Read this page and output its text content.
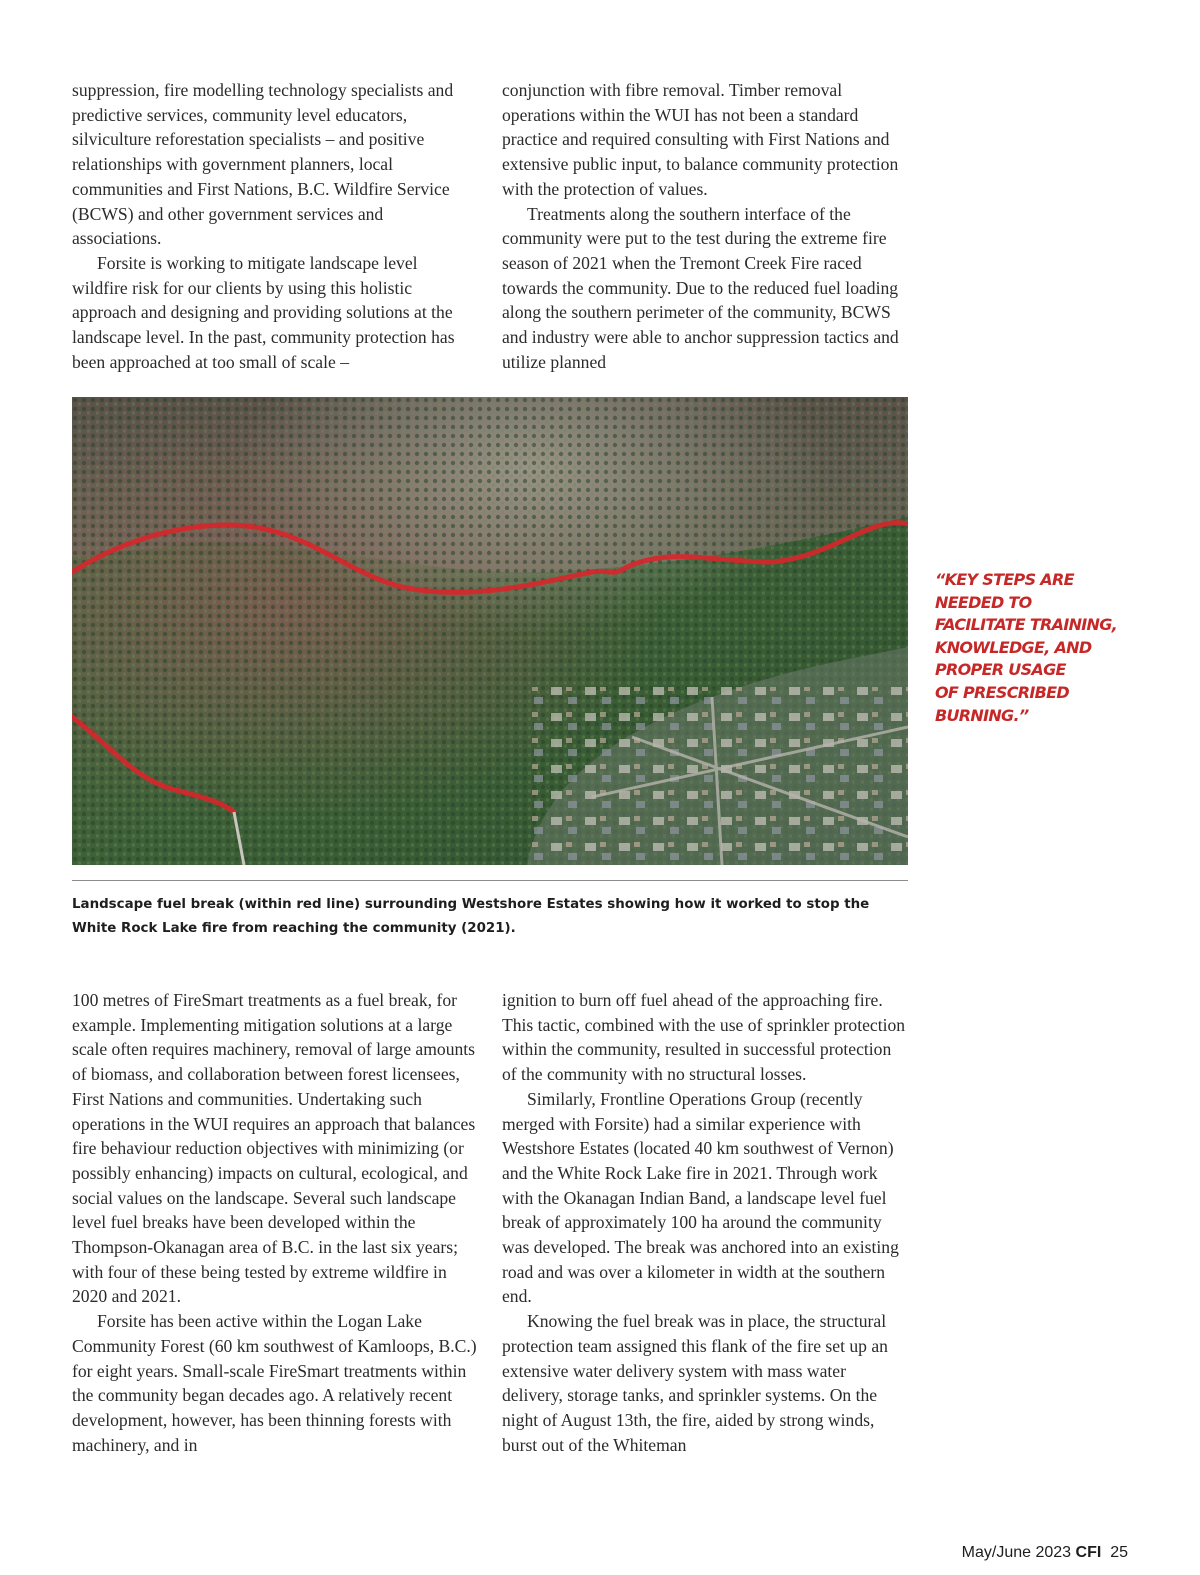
suppression, fire modelling technology specialists and predictive services, community level educators, silviculture reforestation specialists – and positive relationships with government planners, local communities and First Nations, B.C. Wildfire Service (BCWS) and other government services and associations.

Forsite is working to mitigate landscape level wildfire risk for our clients by using this holistic approach and designing and providing solutions at the landscape level. In the past, community protection has been approached at too small of scale –

conjunction with fibre removal. Timber removal operations within the WUI has not been a standard practice and required consulting with First Nations and extensive public input, to balance community protection with the protection of values.

Treatments along the southern interface of the community were put to the test during the extreme fire season of 2021 when the Tremont Creek Fire raced towards the community. Due to the reduced fuel loading along the southern perimeter of the community, BCWS and industry were able to anchor suppression tactics and utilize planned

Landscape fuel break (within red line) surrounding Westshore Estates showing how it worked to stop the White Rock Lake fire from reaching the community (2021).
“KEY STEPS ARE
NEEDED TO
FACILITATE TRAINING,
KNOWLEDGE, AND
PROPER USAGE
OF PRESCRIBED
BURNING.”

100 metres of FireSmart treatments as a fuel break, for example. Implementing mitigation solutions at a large scale often requires machinery, removal of large amounts of biomass, and collaboration between forest licensees, First Nations and communities. Undertaking such operations in the WUI requires an approach that balances fire behaviour reduction objectives with minimizing (or possibly enhancing) impacts on cultural, ecological, and social values on the landscape. Several such landscape level fuel breaks have been developed within the Thompson-Okanagan area of B.C. in the last six years; with four of these being tested by extreme wildfire in 2020 and 2021.

Forsite has been active within the Logan Lake Community Forest (60 km southwest of Kamloops, B.C.) for eight years. Small-scale FireSmart treatments within the community began decades ago. A relatively recent development, however, has been thinning forests with machinery, and in

ignition to burn off fuel ahead of the approaching fire. This tactic, combined with the use of sprinkler protection within the community, resulted in successful protection of the community with no structural losses.

Similarly, Frontline Operations Group (recently merged with Forsite) had a similar experience with Westshore Estates (located 40 km southwest of Vernon) and the White Rock Lake fire in 2021. Through work with the Okanagan Indian Band, a landscape level fuel break of approximately 100 ha around the community was developed. The break was anchored into an existing road and was over a kilometer in width at the southern end.

Knowing the fuel break was in place, the structural protection team assigned this flank of the fire set up an extensive water delivery system with mass water delivery, storage tanks, and sprinkler systems. On the night of August 13th, the fire, aided by strong winds, burst out of the Whiteman

May/June 2023 CFI 25
